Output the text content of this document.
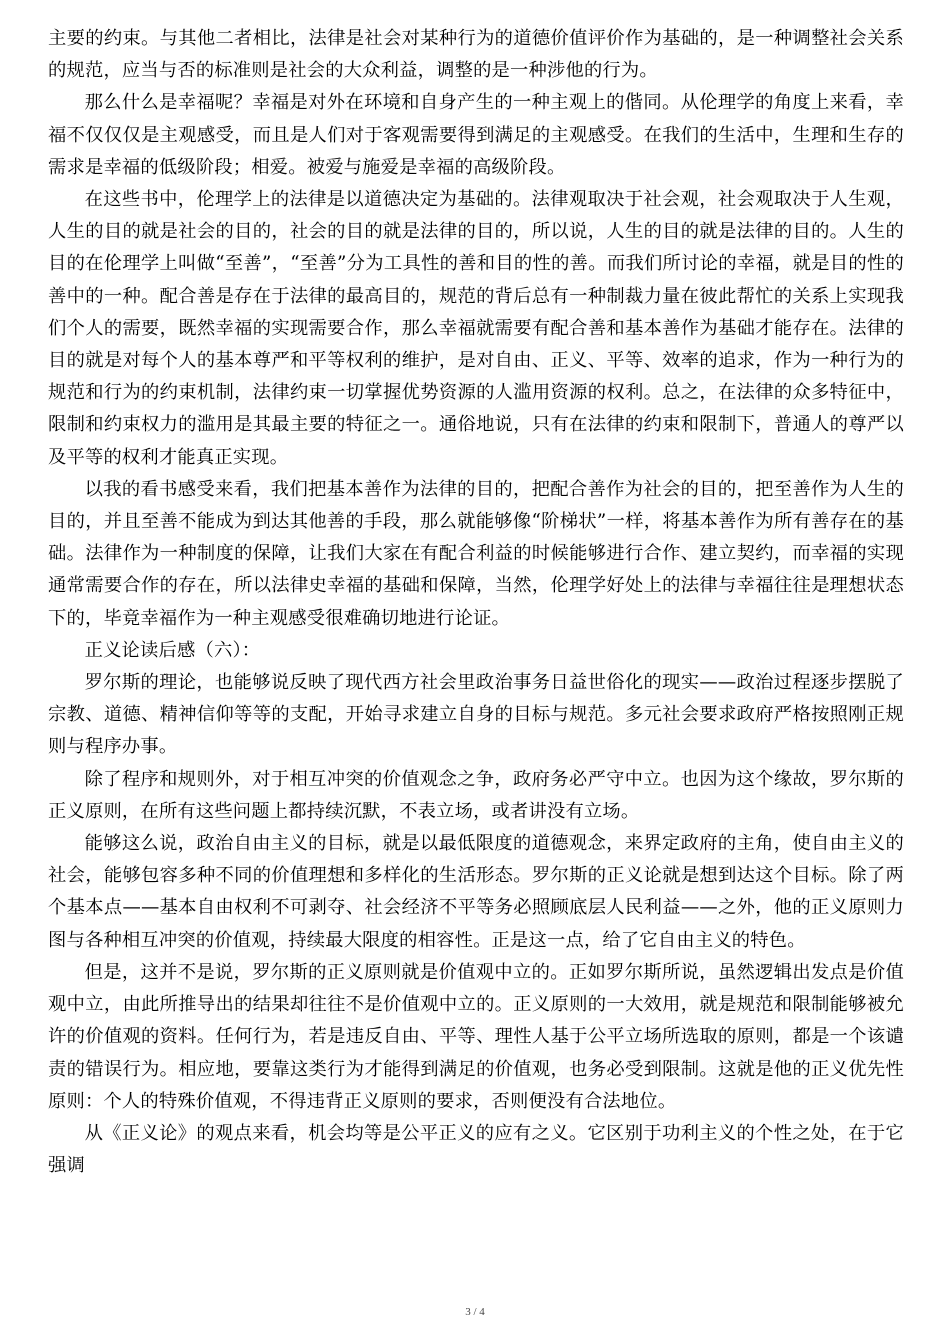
主要的约束。与其他二者相比，法律是社会对某种行为的道德价值评价作为基础的，是一种调整社会关系的规范，应当与否的标准则是社会的大众利益，调整的是一种涉他的行为。

那么什么是幸福呢？幸福是对外在环境和自身产生的一种主观上的偕同。从伦理学的角度上来看，幸福不仅仅仅是主观感受，而且是人们对于客观需要得到满足的主观感受。在我们的生活中，生理和生存的需求是幸福的低级阶段；相爱。被爱与施爱是幸福的高级阶段。

在这些书中，伦理学上的法律是以道德决定为基础的。法律观取决于社会观，社会观取决于人生观，人生的目的就是社会的目的，社会的目的就是法律的目的，所以说，人生的目的就是法律的目的。人生的目的在伦理学上叫做“至善”，“至善”分为工具性的善和目的性的善。而我们所讨论的幸福，就是目的性的善中的一种。配合善是存在于法律的最高目的，规范的背后总有一种制裁力量在彼此帮忙的关系上实现我们个人的需要，既然幸福的实现需要合作，那么幸福就需要有配合善和基本善作为基础才能存在。法律的目的就是对每个人的基本尊严和平等权利的维护，是对自由、正义、平等、效率的追求，作为一种行为的规范和行为的约束机制，法律约束一切掌握优势资源的人滥用资源的权利。总之，在法律的众多特征中，限制和约束权力的滥用是其最主要的特征之一。通俗地说，只有在法律的约束和限制下，普通人的尊严以及平等的权利才能真正实现。

以我的看书感受来看，我们把基本善作为法律的目的，把配合善作为社会的目的，把至善作为人生的目的，并且至善不能成为到达其他善的手段，那么就能够像“阶梯状”一样，将基本善作为所有善存在的基础。法律作为一种制度的保障，让我们大家在有配合利益的时候能够进行合作、建立契约，而幸福的实现通常需要合作的存在，所以法律史幸福的基础和保障，当然，伦理学好处上的法律与幸福往往是理想状态下的，毕竟幸福作为一种主观感受很难确切地进行论证。

正义论读后感（六）：

罗尔斯的理论，也能够说反映了现代西方社会里政治事务日益世俗化的现实——政治过程逐步摆脱了宗教、道德、精神信仰等等的支配，开始寻求建立自身的目标与规范。多元社会要求政府严格按照刚正规则与程序办事。

除了程序和规则外，对于相互冲突的价值观念之争，政府务必严守中立。也因为这个缘故，罗尔斯的正义原则，在所有这些问题上都持续沉默，不表立场，或者讲没有立场。

能够这么说，政治自由主义的目标，就是以最低限度的道德观念，来界定政府的主角，使自由主义的社会，能够包容多种不同的价值理想和多样化的生活形态。罗尔斯的正义论就是想到达这个目标。除了两个基本点——基本自由权利不可剥夺、社会经济不平等务必照顾底层人民利益——之外，他的正义原则力图与各种相互冲突的价值观，持续最大限度的相容性。正是这一点，给了它自由主义的特色。

但是，这并不是说，罗尔斯的正义原则就是价值观中立的。正如罗尔斯所说，虽然逻辑出发点是价值观中立，由此所推导出的结果却往往不是价值观中立的。正义原则的一大效用，就是规范和限制能够被允许的价值观的资料。任何行为，若是违反自由、平等、理性人基于公平立场所选取的原则，都是一个该谴责的错误行为。相应地，要靠这类行为才能得到满足的价值观，也务必受到限制。这就是他的正义优先性原则：个人的特殊价值观，不得违背正义原则的要求，否则便没有合法地位。

从《正义论》的观点来看，机会均等是公平正义的应有之义。它区别于功利主义的个性之处，在于它强调

3 / 4
